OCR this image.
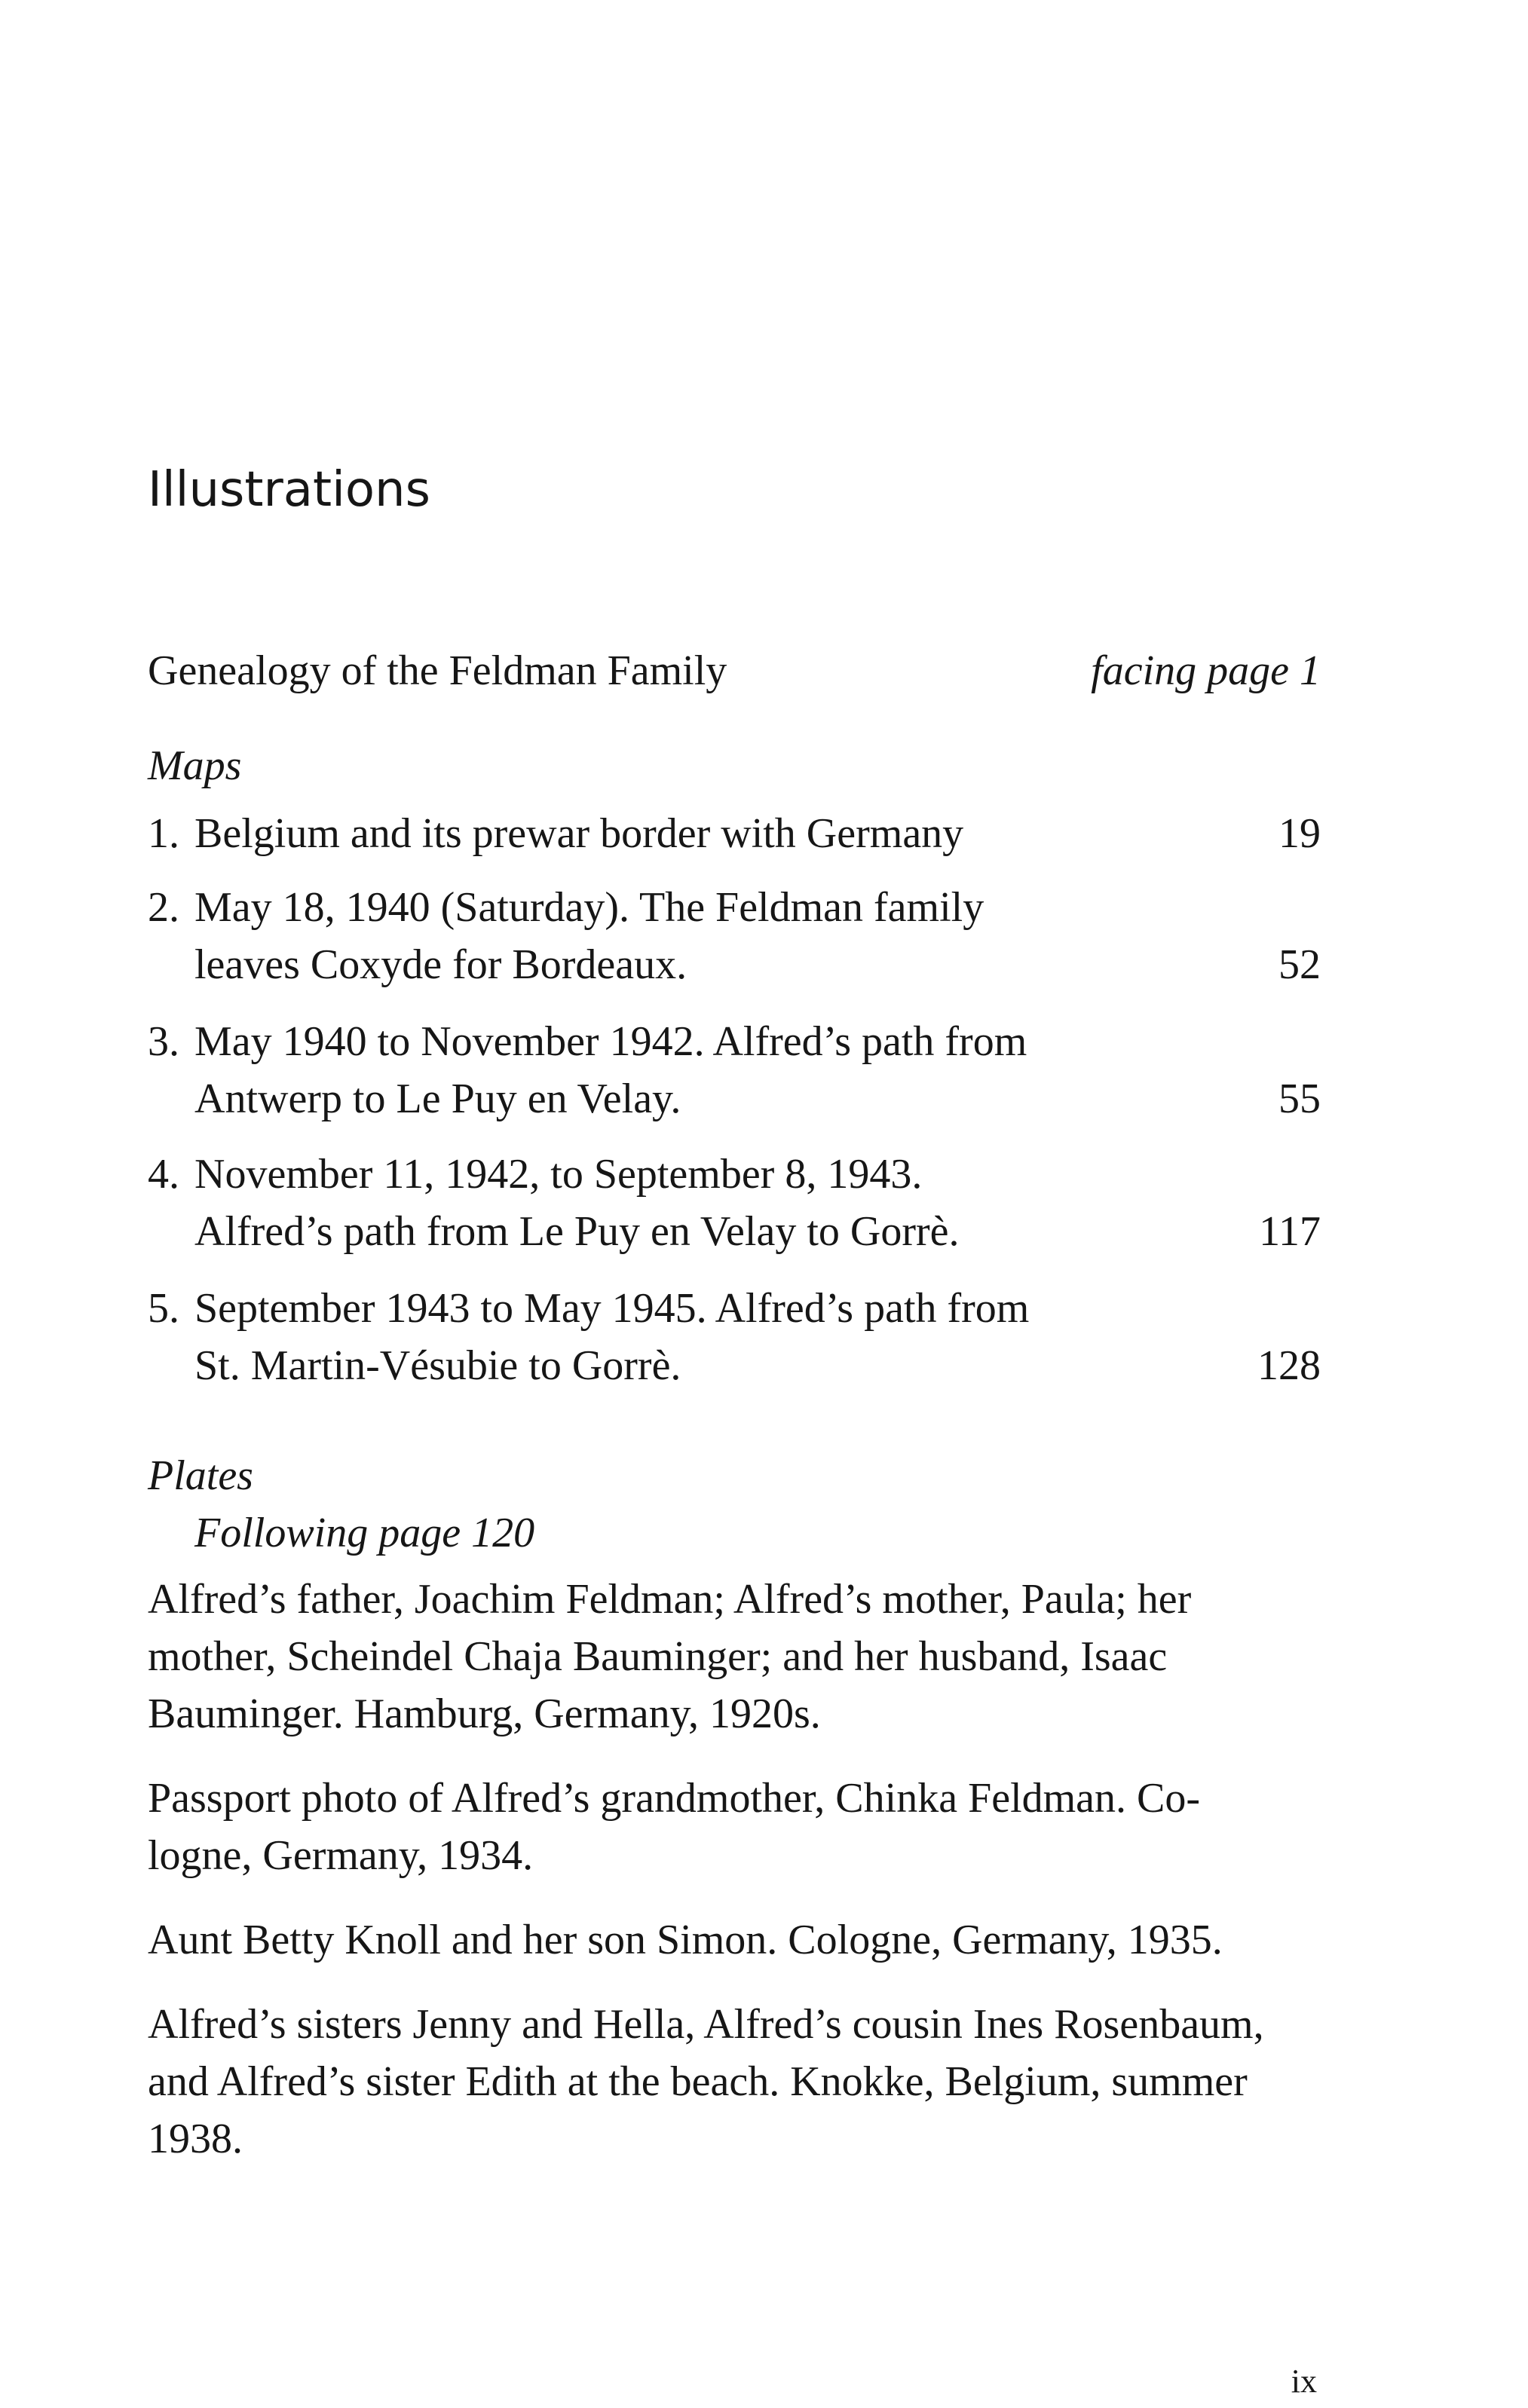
Illustrations
Genealogy of the Feldman Family	facing page 1
Maps
1. Belgium and its prewar border with Germany	19
2. May 18, 1940 (Saturday). The Feldman family
leaves Coxyde for Bordeaux.	52
3. May 1940 to November 1942. Alfred’s path from
Antwerp to Le Puy en Velay.	55
4. November 11, 1942, to September 8, 1943.
Alfred’s path from Le Puy en Velay to Gorrè.	117
5. September 1943 to May 1945. Alfred’s path from
St. Martin-Vésubie to Gorrè.	128
Plates
Following page 120

Alfred’s father, Joachim Feldman; Alfred’s mother, Paula; her
mother, Scheindel Chaja Bauminger; and her husband, Isaac
Bauminger. Hamburg, Germany, 1920s.

Passport photo of Alfred’s grandmother, Chinka Feldman. Co-
logne, Germany, 1934.

Aunt Betty Knoll and her son Simon. Cologne, Germany, 1935.

Alfred’s sisters Jenny and Hella, Alfred’s cousin Ines Rosenbaum,
and Alfred’s sister Edith at the beach. Knokke, Belgium, summer
1938.

ix
